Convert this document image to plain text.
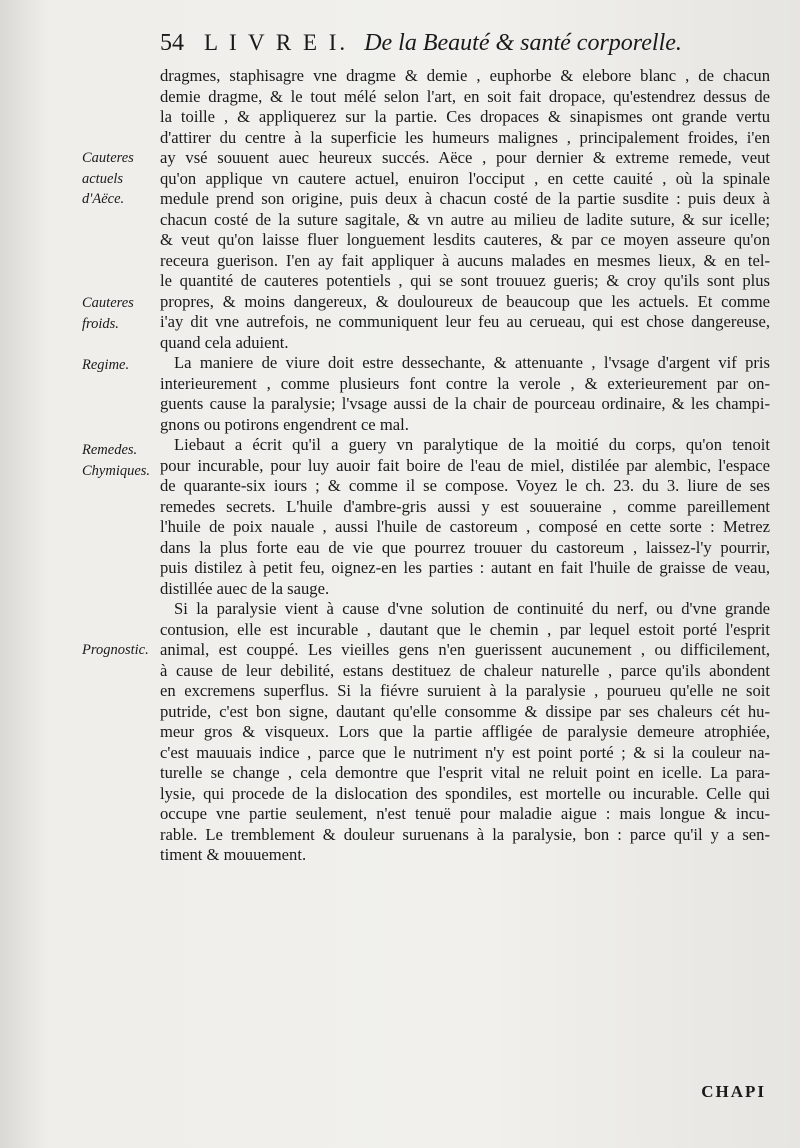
54 L I V R E I. De la Beauté & santé corporelle.
Cauteres
actuels
d'Aëce.
Cauteres
froids.
Regime.
Remedes.
Chymiques.
Prognostic.
dragmes, staphisagre vne dragme & demie , euphorbe & elebore blanc , de chacun
demie dragme, & le tout mélé selon l'art, en soit fait dropace, qu'estendrez dessus de
la toille , & appliquerez sur la partie. Ces dropaces & sinapismes ont grande vertu
d'attirer du centre à la superficie les humeurs malignes , principalement froides, i'en
ay vsé souuent auec heureux succés. Aëce , pour dernier & extreme remede, veut
qu'on applique vn cautere actuel, enuiron l'occiput , en cette cauité , où la spinale
medule prend son origine, puis deux à chacun costé de la partie susdite : puis deux à
chacun costé de la suture sagitale, & vn autre au milieu de ladite suture, & sur icelle;
& veut qu'on laisse fluer longuement lesdits cauteres, & par ce moyen asseure qu'on
receura guerison. I'en ay fait appliquer à aucuns malades en mesmes lieux, & en tel-
le quantité de cauteres potentiels , qui se sont trouuez gueris; & croy qu'ils sont plus
propres, & moins dangereux, & douloureux de beaucoup que les actuels. Et comme
i'ay dit vne autrefois, ne communiquent leur feu au cerueau, qui est chose dangereuse,
quand cela aduient.
La maniere de viure doit estre dessechante, & attenuante , l'vsage d'argent vif pris
interieurement , comme plusieurs font contre la verole , & exterieurement par on-
guents cause la paralysie; l'vsage aussi de la chair de pourceau ordinaire, & les champi-
gnons ou potirons engendrent ce mal.
Liebaut a écrit qu'il a guery vn paralytique de la moitié du corps, qu'on tenoit
pour incurable, pour luy auoir fait boire de l'eau de miel, distilée par alembic, l'espace
de quarante-six iours ; & comme il se compose. Voyez le ch. 23. du 3. liure de ses
remedes secrets. L'huile d'ambre-gris aussi y est souueraine , comme pareillement
l'huile de poix nauale , aussi l'huile de castoreum , composé en cette sorte : Metrez
dans la plus forte eau de vie que pourrez trouuer du castoreum , laissez-l'y pourrir,
puis distilez à petit feu, oignez-en les parties : autant en fait l'huile de graisse de veau,
distillée auec de la sauge.
Si la paralysie vient à cause d'vne solution de continuité du nerf, ou d'vne grande
contusion, elle est incurable , dautant que le chemin , par lequel estoit porté l'esprit
animal, est couppé. Les vieilles gens n'en guerissent aucunement , ou difficilement,
à cause de leur debilité, estans destituez de chaleur naturelle , parce qu'ils abondent
en excremens superflus. Si la fiévre suruient à la paralysie , pourueu qu'elle ne soit
putride, c'est bon signe, dautant qu'elle consomme & dissipe par ses chaleurs cét hu-
meur gros & visqueux. Lors que la partie affligée de paralysie demeure atrophiée,
c'est mauuais indice , parce que le nutriment n'y est point porté ; & si la couleur na-
turelle se change , cela demontre que l'esprit vital ne reluit point en icelle. La para-
lysie, qui procede de la dislocation des spondiles, est mortelle ou incurable. Celle qui
occupe vne partie seulement, n'est tenuë pour maladie aigue : mais longue & incu-
rable. Le tremblement & douleur suruenans à la paralysie, bon : parce qu'il y a sen-
timent & mouuement.
CHAPI
